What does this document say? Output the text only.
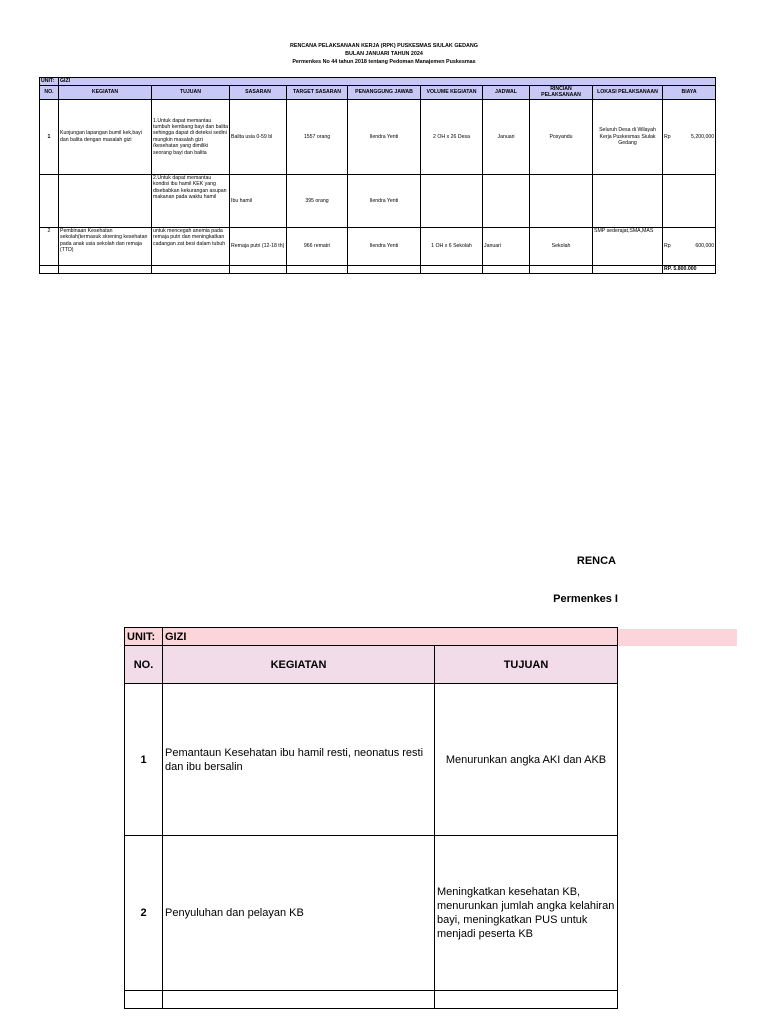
RENCANA PELAKSANAAN KERJA (RPK) PUSKESMAS SIULAK GEDANG
BULAN JANUARI TAHUN 2024
Permenkes No 44 tahun 2018 tentang Pedoman Manajemen Puskesmas
UNIT:	GIZI									
NO.	KEGIATAN	TUJUAN	SASARAN	TARGET SASARAN	PENANGGUNG JAWAB	VOLUME KEGIATAN	JADWAL	RINCIAN PELAKSANAAN	LOKASI PELAKSANAAN	BIAYA
1	Kunjungan lapangan bumil kek,bayi dan balita dengan masalah gizi	1.Untuk dapat memantau tumbuh kembang bayi dan balita sehingga dapat di deteksi sedini mungkin masalah gizi /kesehatan yang dimiliki seorang bayi dan balita	Balita usia 0-59 bl	1557 orang	Ilendra Yenti	2 OH x 26 Desa	Januari	Posyandu	Seluruh Desa di Wilayah Kerja Puskesmas Siulak Gedang	Rp 5,200,000

		2.Untuk dapat memantau kondisi ibu hamil KEK yang disebabkan kekurangan asupan makanan pada waktu hamil	Ibu hamil	395 orang	Ilendra Yenti					

2	Pembinaan Kesehatan sekolah(termasuk skrening kesehatan pada anak usia sekolah dan remaja (TTD)	untuk mencegah anemia pada remaja putri dan meningkatkan cadangan zat besi dalam tubuh	Remaja putri (12-18 th)	966 rematri	Ilendra Yenti	1 OH x 6 Sekolah	Januari	Sekolah	SMP sederajat,SMA,MAS	Rp 600,000

										RP. 5.800.000
RENCA
Permenkes I
UNIT:	GIZI	
NO.	KEGIATAN	TUJUAN
1	Pemantaun Kesehatan ibu hamil resti, neonatus resti dan ibu bersalin	Menurunkan angka AKI dan AKB
2	Penyuluhan dan pelayan KB	Meningkatkan kesehatan KB, menurunkan jumlah angka kelahiran bayi, meningkatkan PUS untuk menjadi peserta KB
